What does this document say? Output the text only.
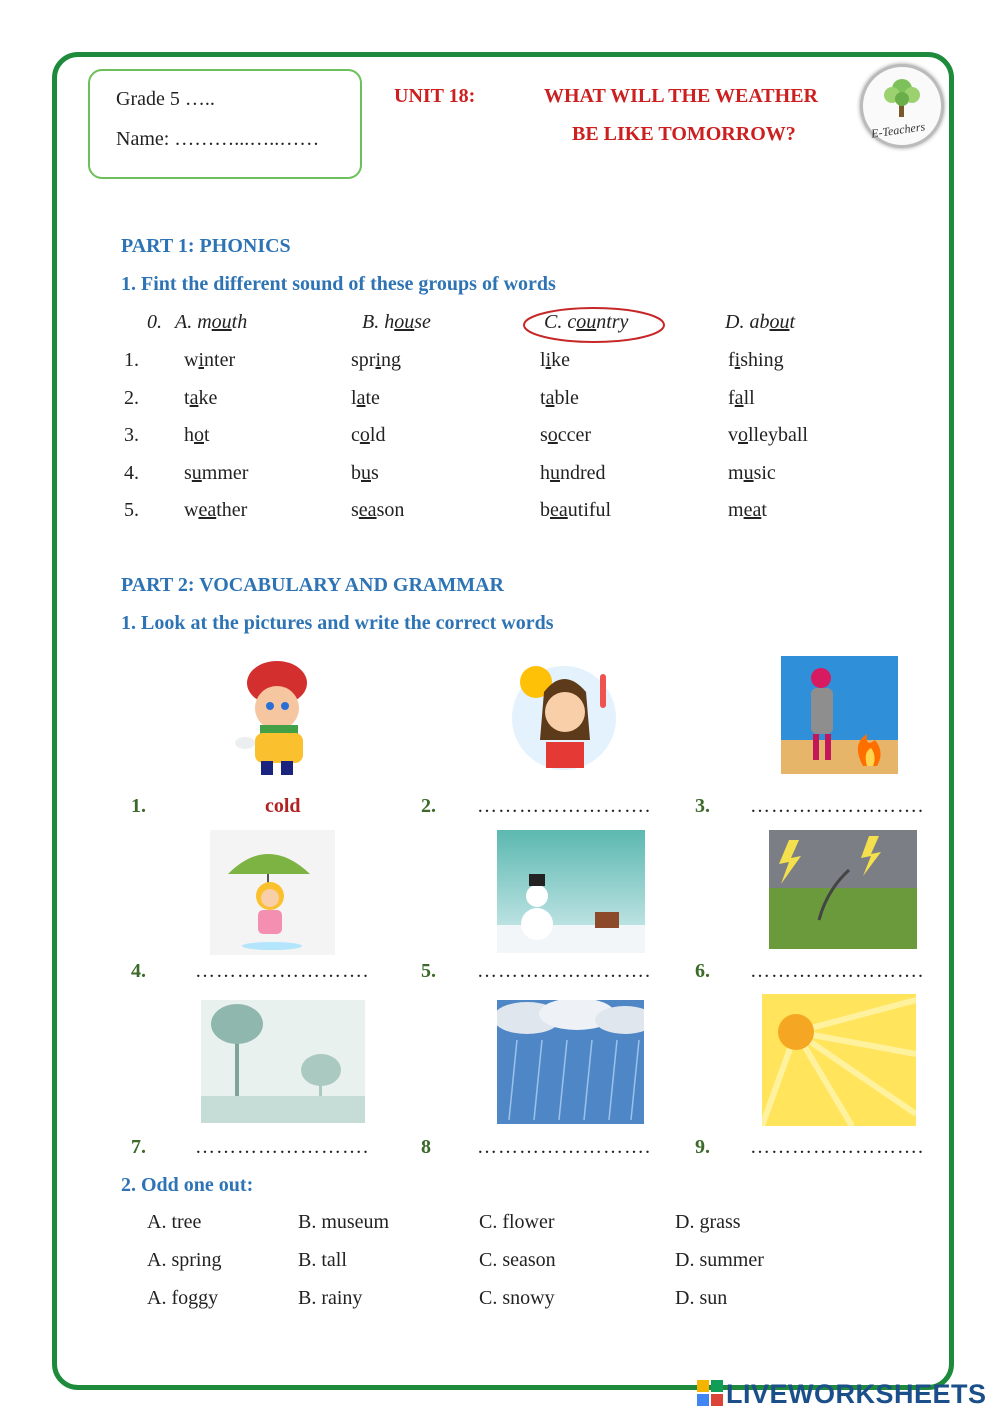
Grade 5 …..
Name: ………...…..……
UNIT 18:	WHAT WILL THE WEATHER
BE LIKE TOMORROW?	E-Teachers
PART 1: PHONICS
1. Fint the different sound of these groups of words
0. A. mouth	B. house	C. country	D. about
1. winter	spring	like	fishing
2. take	late	table	fall
3. hot	cold	soccer	volleyball
4. summer	bus	hundred	music
5. weather	season	beautiful	meat
PART 2: VOCABULARY AND GRAMMAR
1. Look at the pictures and write the correct words
2. Odd one out:
A. tree	B. museum	C. flower	D. grass
A. spring	B. tall	C. season	D. summer
A. foggy	B. rainy	C. snowy	D. sun
LIVEWORKSHEETS
1.	cold	2. ……………………. 3. …………………….
4. …………………….	5. ……………………. 6. …………………….
7. …………………….	8 ……………………. 9. …………………….
